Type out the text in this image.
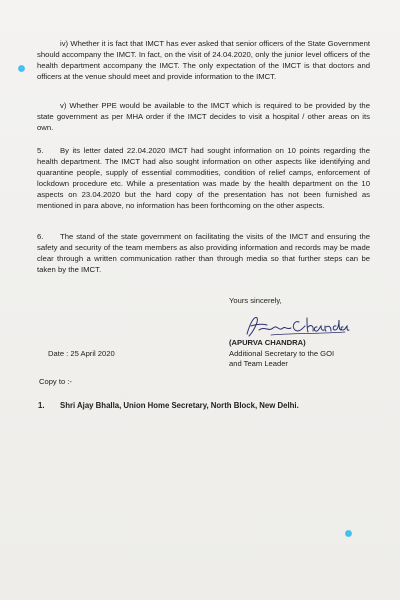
iv) Whether it is fact that IMCT has ever asked that senior officers of the State Government should accompany the IMCT. In fact, on the visit of 24.04.2020, only the junior level officers of the health department accompany the IMCT. The only expectation of the IMCT is that doctors and officers at the venue should meet and provide information to the IMCT.

v) Whether PPE would be available to the IMCT which is required to be provided by the state government as per MHA order if the IMCT decides to visit a hospital / other areas on its own.

5.	By its letter dated 22.04.2020 IMCT had sought information on 10 points regarding the health department. The IMCT had also sought information on other aspects like identifying and quarantine people, supply of essential commodities, condition of relief camps, enforcement of lockdown procedure etc. While a presentation was made by the health department on the 10 aspects on 23.04.2020 but the hard copy of the presentation has not been furnished as mentioned in para above, no information has been forthcoming on the other aspects.

6.	The stand of the state government on facilitating the visits of the IMCT and ensuring the safety and security of the team members as also providing information and records may be made clear through a written communication rather than through media so that further steps can be taken by the IMCT.

Yours sincerely,
(APURVA CHANDRA)
Additional Secretary to the GOI
and Team Leader
Date : 25 April 2020
Copy to :-
1. Shri Ajay Bhalla, Union Home Secretary, North Block, New Delhi.
